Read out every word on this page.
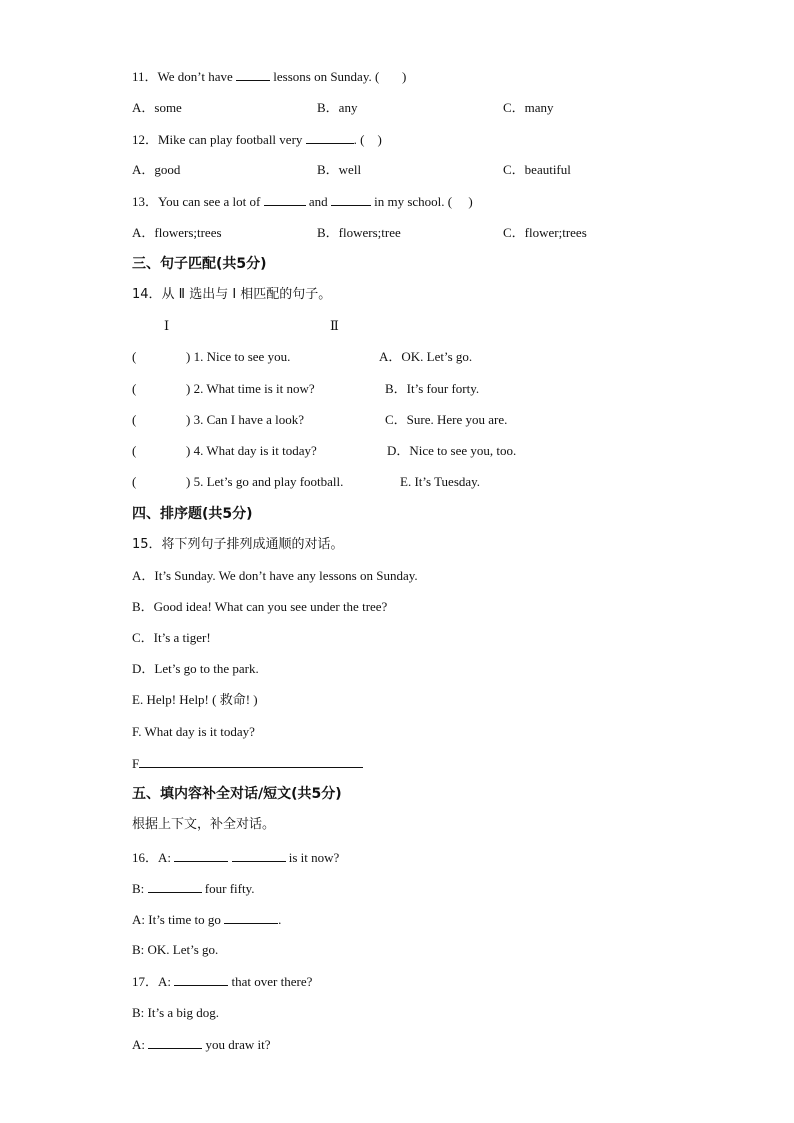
11．We don’t have	lessons on Sunday. (       )
A．some	B．any	C．many
12．Mike can play football very	. (    )
A．good	B．well	C．beautiful
13．You can see a lot of	and	in my school. (     )
A．flowers;trees	B．flowers;tree	C．flower;trees
三、句子匹配(共5分)
14．从 Ⅱ 选出与 Ⅰ 相匹配的句子。
Ⅰ	Ⅱ
(	) 1. Nice to see you.	A．OK. Let’s go.
(	) 2. What time is it now?	B．It’s four forty.
(	) 3. Can I have a look?	C．Sure. Here you are.
(	) 4. What day is it today?	D．Nice to see you, too.
(	) 5. Let’s go and play football.	E. It’s Tuesday.
四、排序题(共5分)
15．将下列句子排列成通顺的对话。
A．It’s Sunday. We don’t have any lessons on Sunday.
B．Good idea! What can you see under the tree?
C．It’s a tiger!
D．Let’s go to the park.
E. Help! Help! ( 救命! )
F. What day is it today?
F
五、填内容补全对话/短文(共5分)
根据上下文，补全对话。
16．A:	is it now?
B:	four fifty.
A: It’s time to go	.
B: OK. Let’s go.
17．A:	that over there?
B: It’s a big dog.
A:	you draw it?
